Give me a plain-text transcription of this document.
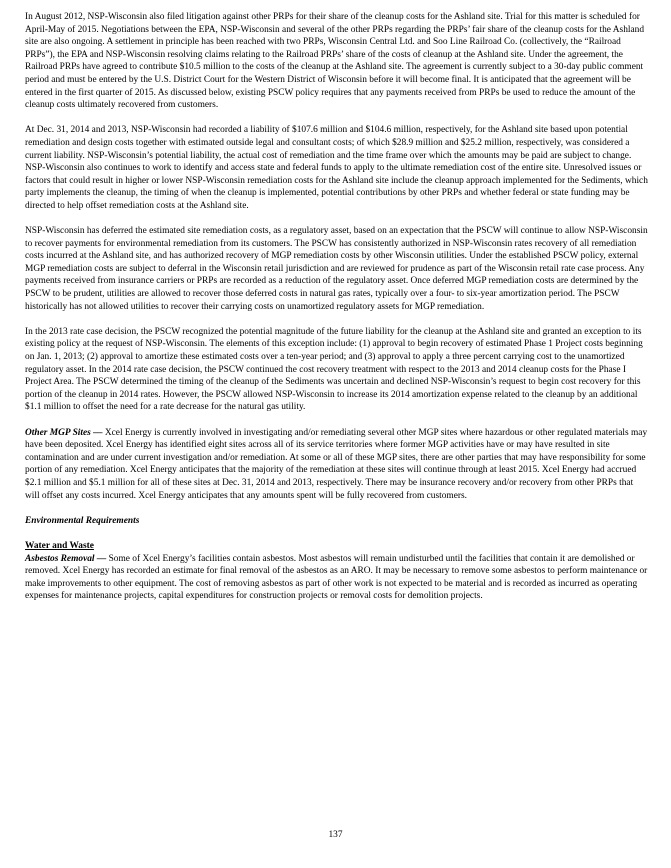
In August 2012, NSP-Wisconsin also filed litigation against other PRPs for their share of the cleanup costs for the Ashland site. Trial for this matter is scheduled for April-May of 2015. Negotiations between the EPA, NSP-Wisconsin and several of the other PRPs regarding the PRPs’ fair share of the cleanup costs for the Ashland site are also ongoing. A settlement in principle has been reached with two PRPs, Wisconsin Central Ltd. and Soo Line Railroad Co. (collectively, the “Railroad PRPs”), the EPA and NSP-Wisconsin resolving claims relating to the Railroad PRPs’ share of the costs of cleanup at the Ashland site. Under the agreement, the Railroad PRPs have agreed to contribute $10.5 million to the costs of the cleanup at the Ashland site. The agreement is currently subject to a 30-day public comment period and must be entered by the U.S. District Court for the Western District of Wisconsin before it will become final. It is anticipated that the agreement will be entered in the first quarter of 2015. As discussed below, existing PSCW policy requires that any payments received from PRPs be used to reduce the amount of the cleanup costs ultimately recovered from customers.

At Dec. 31, 2014 and 2013, NSP-Wisconsin had recorded a liability of $107.6 million and $104.6 million, respectively, for the Ashland site based upon potential remediation and design costs together with estimated outside legal and consultant costs; of which $28.9 million and $25.2 million, respectively, was considered a current liability. NSP-Wisconsin’s potential liability, the actual cost of remediation and the time frame over which the amounts may be paid are subject to change. NSP-Wisconsin also continues to work to identify and access state and federal funds to apply to the ultimate remediation cost of the entire site. Unresolved issues or factors that could result in higher or lower NSP-Wisconsin remediation costs for the Ashland site include the cleanup approach implemented for the Sediments, which party implements the cleanup, the timing of when the cleanup is implemented, potential contributions by other PRPs and whether federal or state funding may be directed to help offset remediation costs at the Ashland site.

NSP-Wisconsin has deferred the estimated site remediation costs, as a regulatory asset, based on an expectation that the PSCW will continue to allow NSP-Wisconsin to recover payments for environmental remediation from its customers. The PSCW has consistently authorized in NSP-Wisconsin rates recovery of all remediation costs incurred at the Ashland site, and has authorized recovery of MGP remediation costs by other Wisconsin utilities. Under the established PSCW policy, external MGP remediation costs are subject to deferral in the Wisconsin retail jurisdiction and are reviewed for prudence as part of the Wisconsin retail rate case process. Any payments received from insurance carriers or PRPs are recorded as a reduction of the regulatory asset. Once deferred MGP remediation costs are determined by the PSCW to be prudent, utilities are allowed to recover those deferred costs in natural gas rates, typically over a four- to six-year amortization period. The PSCW historically has not allowed utilities to recover their carrying costs on unamortized regulatory assets for MGP remediation.

In the 2013 rate case decision, the PSCW recognized the potential magnitude of the future liability for the cleanup at the Ashland site and granted an exception to its existing policy at the request of NSP-Wisconsin. The elements of this exception include: (1) approval to begin recovery of estimated Phase 1 Project costs beginning on Jan. 1, 2013; (2) approval to amortize these estimated costs over a ten-year period; and (3) approval to apply a three percent carrying cost to the unamortized regulatory asset. In the 2014 rate case decision, the PSCW continued the cost recovery treatment with respect to the 2013 and 2014 cleanup costs for the Phase I Project Area. The PSCW determined the timing of the cleanup of the Sediments was uncertain and declined NSP-Wisconsin’s request to begin cost recovery for this portion of the cleanup in 2014 rates. However, the PSCW allowed NSP-Wisconsin to increase its 2014 amortization expense related to the cleanup by an additional $1.1 million to offset the need for a rate decrease for the natural gas utility.

Other MGP Sites — Xcel Energy is currently involved in investigating and/or remediating several other MGP sites where hazardous or other regulated materials may have been deposited. Xcel Energy has identified eight sites across all of its service territories where former MGP activities have or may have resulted in site contamination and are under current investigation and/or remediation. At some or all of these MGP sites, there are other parties that may have responsibility for some portion of any remediation. Xcel Energy anticipates that the majority of the remediation at these sites will continue through at least 2015. Xcel Energy had accrued $2.1 million and $5.1 million for all of these sites at Dec. 31, 2014 and 2013, respectively. There may be insurance recovery and/or recovery from other PRPs that will offset any costs incurred. Xcel Energy anticipates that any amounts spent will be fully recovered from customers.

Environmental Requirements

Water and Waste

Asbestos Removal — Some of Xcel Energy’s facilities contain asbestos. Most asbestos will remain undisturbed until the facilities that contain it are demolished or removed. Xcel Energy has recorded an estimate for final removal of the asbestos as an ARO. It may be necessary to remove some asbestos to perform maintenance or make improvements to other equipment. The cost of removing asbestos as part of other work is not expected to be material and is recorded as incurred as operating expenses for maintenance projects, capital expenditures for construction projects or removal costs for demolition projects.

137
